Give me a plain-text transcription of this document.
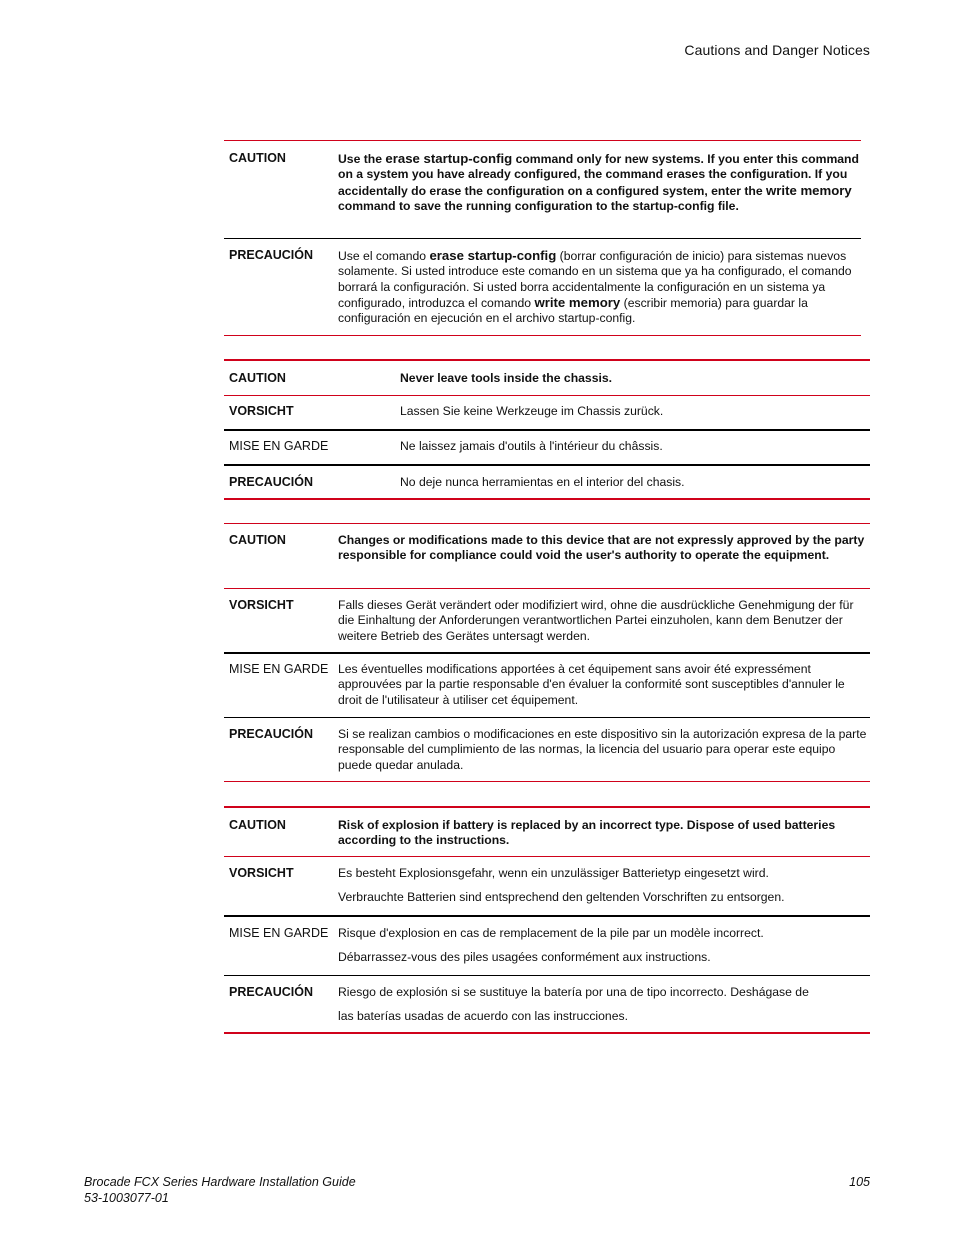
Cautions and Danger Notices
CAUTION	Use the erase startup-config command only for new systems. If you enter this command on a system you have already configured, the command erases the configuration. If you accidentally do erase the configuration on a configured system, enter the write memory command to save the running configuration to the startup-config file.
PRECAUCIÓN	Use el comando erase startup-config (borrar configuración de inicio) para sistemas nuevos solamente. Si usted introduce este comando en un sistema que ya ha configurado, el comando borrará la configuración. Si usted borra accidentalmente la configuración en un sistema ya configurado, introduzca el comando write memory (escribir memoria) para guardar la configuración en ejecución en el archivo startup-config.
CAUTION	Never leave tools inside the chassis.
VORSICHT	Lassen Sie keine Werkzeuge im Chassis zurück.
MISE EN GARDE	Ne laissez jamais d'outils à l'intérieur du châssis.
PRECAUCIÓN	No deje nunca herramientas en el interior del chasis.
CAUTION	Changes or modifications made to this device that are not expressly approved by the party responsible for compliance could void the user's authority to operate the equipment.
VORSICHT	Falls dieses Gerät verändert oder modifiziert wird, ohne die ausdrückliche Genehmigung der für die Einhaltung der Anforderungen verantwortlichen Partei einzuholen, kann dem Benutzer der weitere Betrieb des Gerätes untersagt werden.
MISE EN GARDE Les éventuelles modifications apportées à cet équipement sans avoir été expressément approuvées par la partie responsable d'en évaluer la conformité sont susceptibles d'annuler le droit de l'utilisateur à utiliser cet équipement.
PRECAUCIÓN	Si se realizan cambios o modificaciones en este dispositivo sin la autorización expresa de la parte responsable del cumplimiento de las normas, la licencia del usuario para operar este equipo puede quedar anulada.
CAUTION	Risk of explosion if battery is replaced by an incorrect type. Dispose of used batteries according to the instructions.
VORSICHT	Es besteht Explosionsgefahr, wenn ein unzulässiger Batterietyp eingesetzt wird.
Verbrauchte Batterien sind entsprechend den geltenden Vorschriften zu entsorgen.
MISE EN GARDE Risque d'explosion en cas de remplacement de la pile par un modèle incorrect.
Débarrassez-vous des piles usagées conformément aux instructions.
PRECAUCIÓN	Riesgo de explosión si se sustituye la batería por una de tipo incorrecto. Deshágase de
las baterías usadas de acuerdo con las instrucciones.
Brocade FCX Series Hardware Installation Guide
53-1003077-01
105
